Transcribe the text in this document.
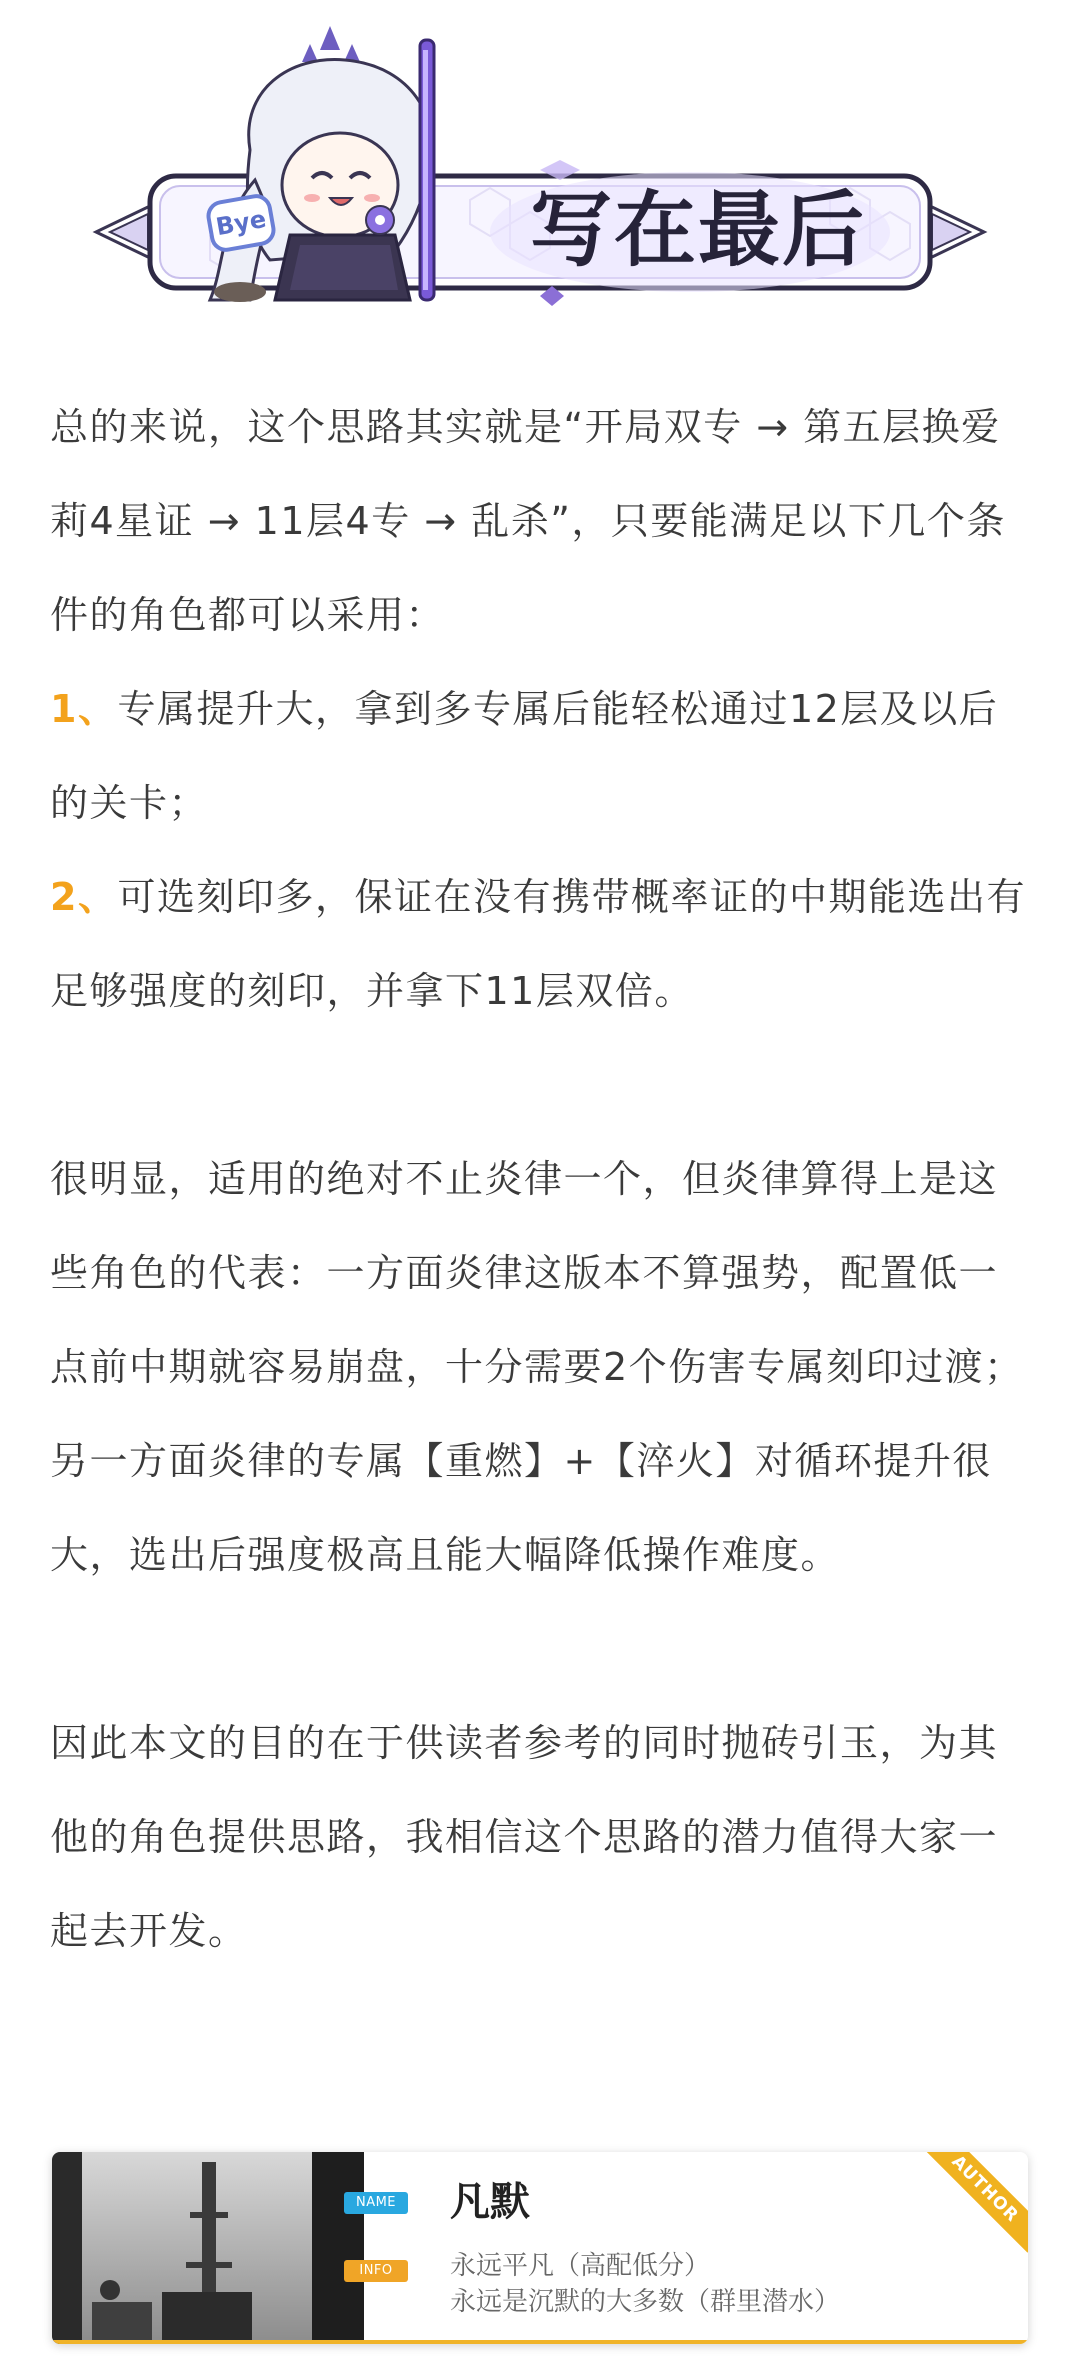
Bye	写在最后

总的来说，这个思路其实就是“开局双专 → 第五层换爱莉4星证 → 11层4专 → 乱杀”，只要能满足以下几个条件的角色都可以采用：

1、专属提升大，拿到多专属后能轻松通过12层及以后的关卡；

2、可选刻印多，保证在没有携带概率证的中期能选出有足够强度的刻印，并拿下11层双倍。

很明显，适用的绝对不止炎律一个，但炎律算得上是这些角色的代表：一方面炎律这版本不算强势，配置低一点前中期就容易崩盘，十分需要2个伤害专属刻印过渡；另一方面炎律的专属【重燃】+【淬火】对循环提升很大，选出后强度极高且能大幅降低操作难度。

因此本文的目的在于供读者参考的同时抛砖引玉，为其他的角色提供思路，我相信这个思路的潜力值得大家一起去开发。

NAME
INFO
凡默
永远平凡（高配低分）
永远是沉默的大多数（群里潜水）
AUTHOR
